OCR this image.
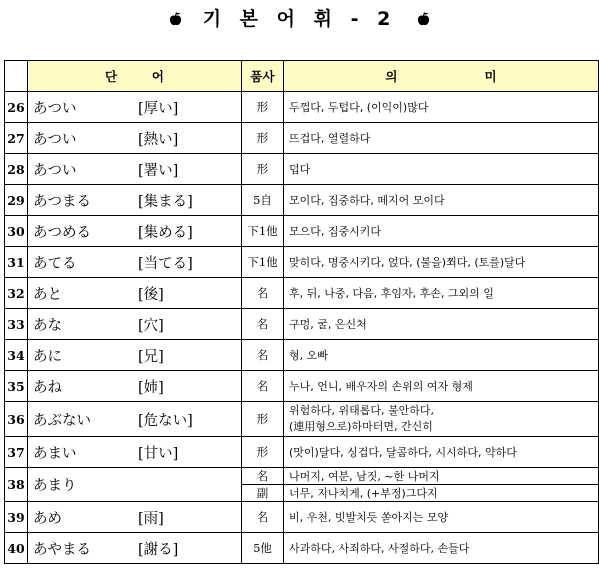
기 본 어 휘 - 2
	단        어	품사	의                    미
26	あつい [厚い]	形	두껍다, 두텁다, (이익이)많다
27	あつい [熱い]	形	뜨겁다, 열렬하다
28	あつい [署い]	形	덥다
29	あつまる [集まる]	5自	모이다, 집중하다, 떼지어 모이다
30	あつめる [集める]	下1他	모으다, 집중시키다
31	あてる [当てる]	下1他	맞히다, 명중시키다, 얹다, (불을)쬐다, (토를)달다
32	あと [後]	名	후, 뒤, 나중, 다음, 후임자, 후손, 그외의 일
33	あな [穴]	名	구멍, 굴, 은신처
34	あに [兄]	名	형, 오빠
35	あね [姉]	名	누나, 언니, 배우자의 손위의 여자 형제
36	あぶない [危ない]	形	위험하다, 위태롭다, 불안하다,
(連用형으로)하마터면, 간신히

37	あまい [甘い]	形	(맛이)달다, 싱겁다, 달콤하다, 시시하다, 약하다
38	あまり	名	나머지, 여분, 남짓, ~한 나머지
		副	너무, 지나치게, (+부정)그다지
39	あめ [雨]	名	비, 우천, 빗발치듯 쏟아지는 모양
40	あやまる [謝る]	5他	사과하다, 사죄하다, 사절하다, 손들다
